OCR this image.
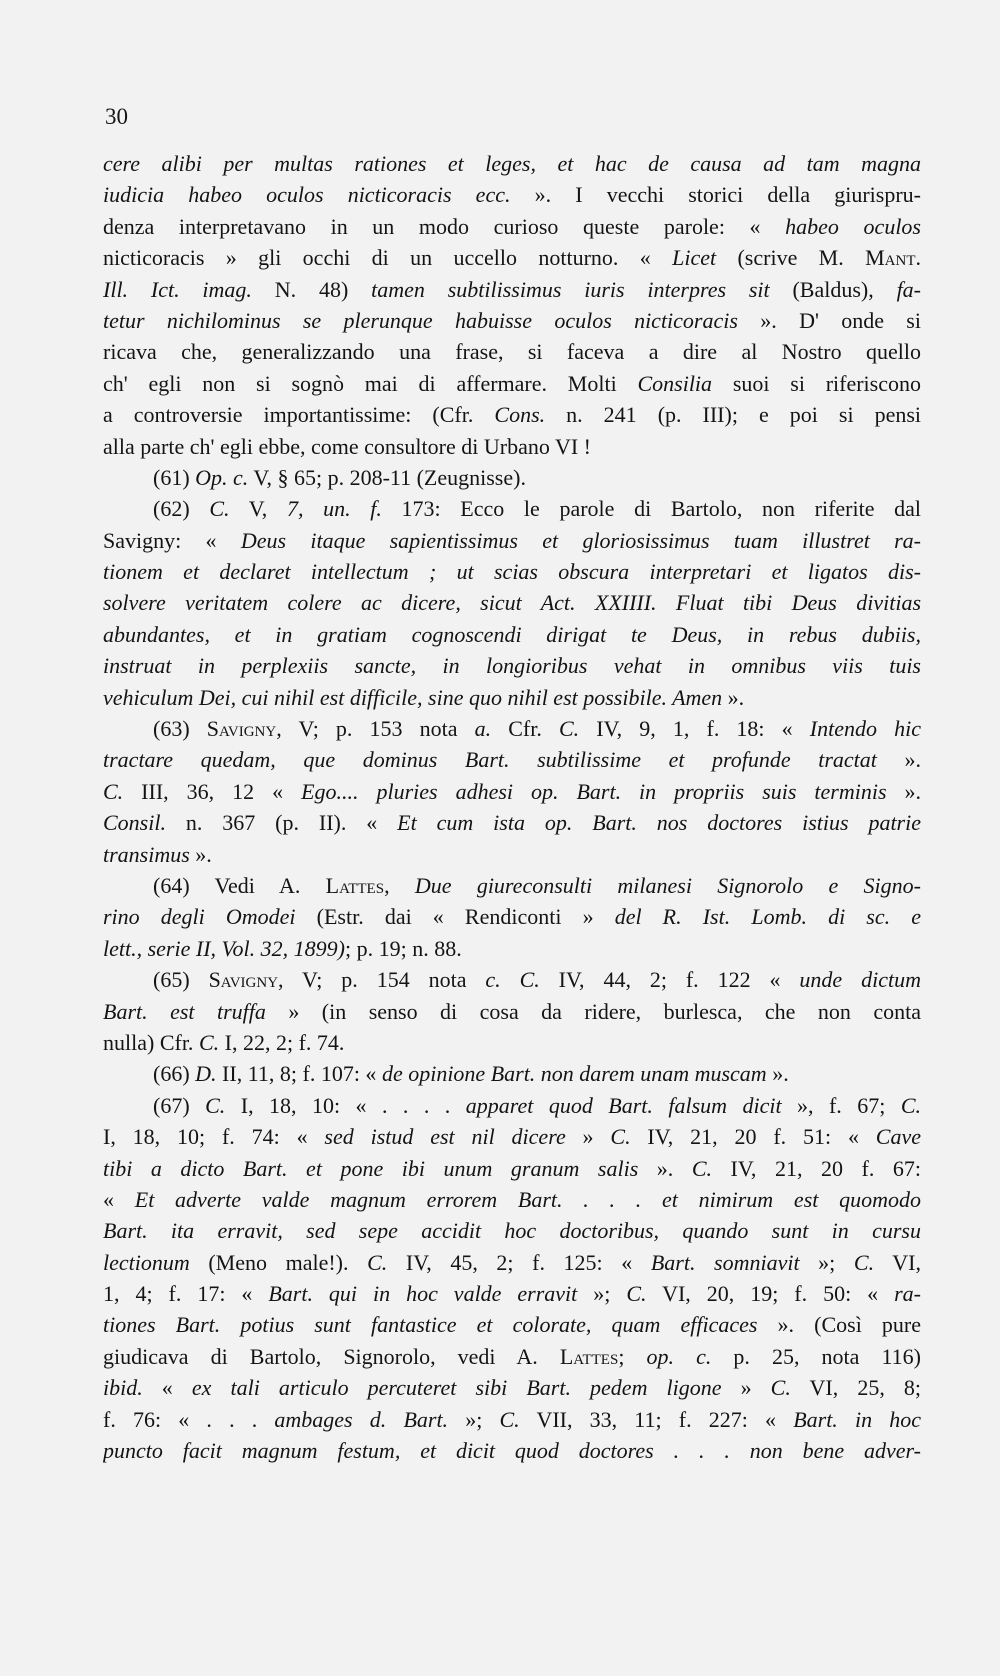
30
cere alibi per multas rationes et leges, et hac de causa ad tam magna
iudicia habeo oculos nicticoracis ecc. ». I vecchi storici della giurispru-
denza interpretavano in un modo curioso queste parole: « habeo oculos
nicticoracis » gli occhi di un uccello notturno. « Licet (scrive M. Mant.
Ill. Ict. imag. N. 48) tamen subtilissimus iuris interpres sit (Baldus), fa-
tetur nichilominus se plerunque habuisse oculos nicticoracis ». D' onde si
ricava che, generalizzando una frase, si faceva a dire al Nostro quello
ch' egli non si sognò mai di affermare. Molti Consilia suoi si riferiscono
a controversie importantissime: (Cfr. Cons. n. 241 (p. III); e poi si pensi
alla parte ch' egli ebbe, come consultore di Urbano VI !
(61) Op. c. V, § 65; p. 208-11 (Zeugnisse).
(62) C. V, 7, un. f. 173: Ecco le parole di Bartolo, non riferite dal
Savigny: « Deus itaque sapientissimus et gloriosissimus tuam illustret ra-
tionem et declaret intellectum ; ut scias obscura interpretari et ligatos dis-
solvere veritatem colere ac dicere, sicut Act. XXIIII. Fluat tibi Deus divitias
abundantes, et in gratiam cognoscendi dirigat te Deus, in rebus dubiis,
instruat in perplexiis sancte, in longioribus vehat in omnibus viis tuis
vehiculum Dei, cui nihil est difficile, sine quo nihil est possibile. Amen ».
(63) Savigny, V; p. 153 nota a. Cfr. C. IV, 9, 1, f. 18: « Intendo hic
tractare quedam, que dominus Bart. subtilissime et profunde tractat ».
C. III, 36, 12 « Ego.... pluries adhesi op. Bart. in propriis suis terminis ».
Consil. n. 367 (p. II). « Et cum ista op. Bart. nos doctores istius patrie
transimus ».
(64) Vedi A. Lattes, Due giureconsulti milanesi Signorolo e Signo-
rino degli Omodei (Estr. dai « Rendiconti » del R. Ist. Lomb. di sc. e
lett., serie II, Vol. 32, 1899); p. 19; n. 88.
(65) Savigny, V; p. 154 nota c. C. IV, 44, 2; f. 122 « unde dictum
Bart. est truffa » (in senso di cosa da ridere, burlesca, che non conta
nulla) Cfr. C. I, 22, 2; f. 74.
(66) D. II, 11, 8; f. 107: « de opinione Bart. non darem unam muscam ».
(67) C. I, 18, 10: « . . . . apparet quod Bart. falsum dicit », f. 67; C.
I, 18, 10; f. 74: « sed istud est nil dicere » C. IV, 21, 20 f. 51: « Cave
tibi a dicto Bart. et pone ibi unum granum salis ». C. IV, 21, 20 f. 67:
« Et adverte valde magnum errorem Bart. . . . et nimirum est quomodo
Bart. ita erravit, sed sepe accidit hoc doctoribus, quando sunt in cursu
lectionum (Meno male!). C. IV, 45, 2; f. 125: « Bart. somniavit »; C. VI,
1, 4; f. 17: « Bart. qui in hoc valde erravit »; C. VI, 20, 19; f. 50: « ra-
tiones Bart. potius sunt fantastice et colorate, quam efficaces ». (Così pure
giudicava di Bartolo, Signorolo, vedi A. Lattes; op. c. p. 25, nota 116)
ibid. « ex tali articulo percuteret sibi Bart. pedem ligone » C. VI, 25, 8;
f. 76: « . . . ambages d. Bart. »; C. VII, 33, 11; f. 227: « Bart. in hoc
puncto facit magnum festum, et dicit quod doctores . . . non bene adver-
